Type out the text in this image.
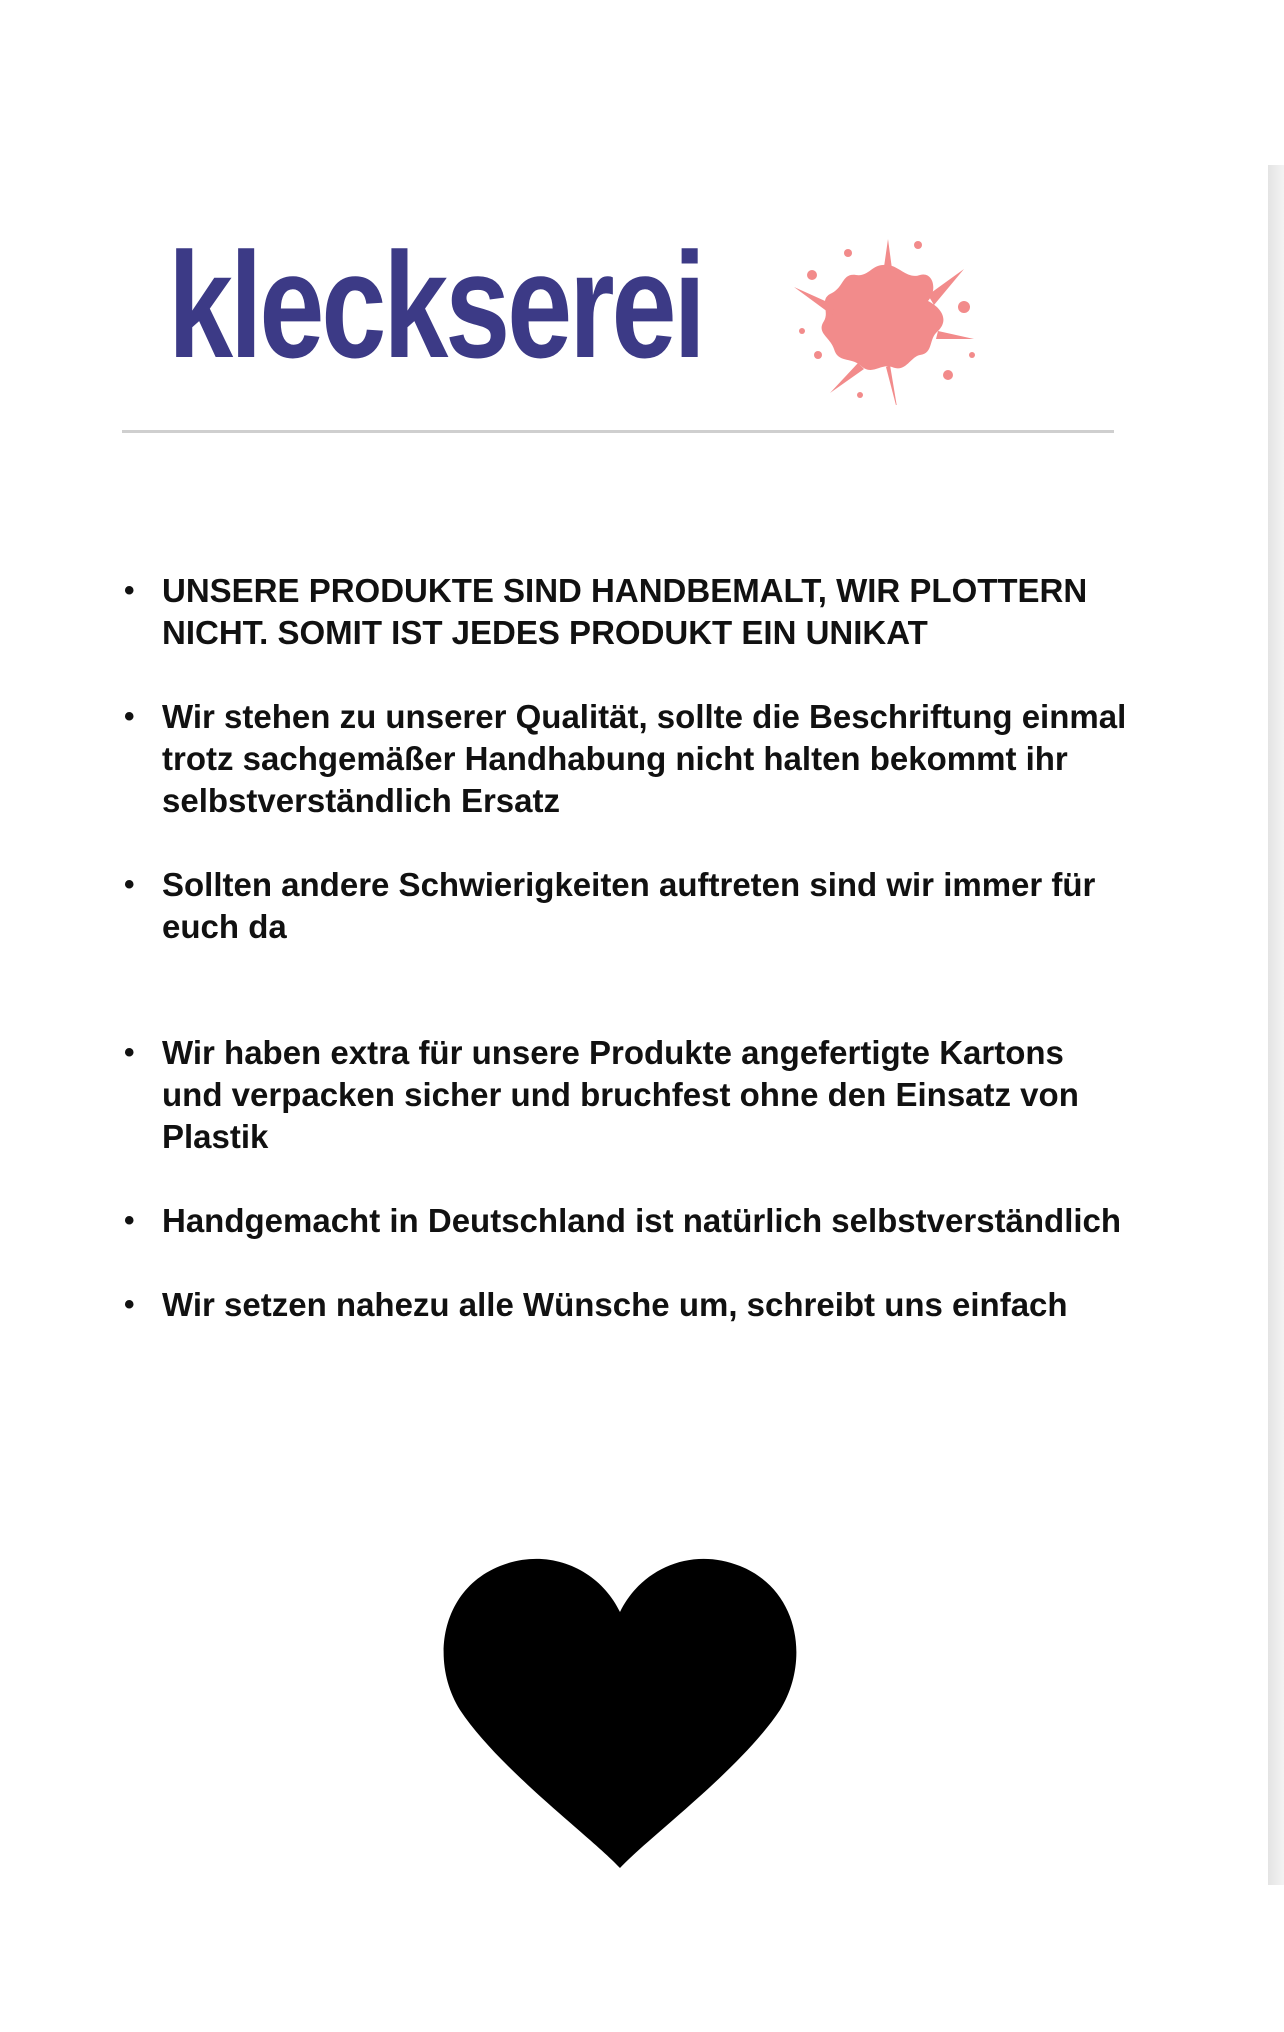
kleckserei
• UNSERE PRODUKTE SIND HANDBEMALT, WIR PLOTTERN NICHT. SOMIT IST JEDES PRODUKT EIN UNIKAT
• Wir stehen zu unserer Qualität, sollte die Beschriftung einmal trotz sachgemäßer Handhabung nicht halten bekommt ihr selbstverständlich Ersatz
• Sollten andere Schwierigkeiten auftreten sind wir immer für euch da
• Wir haben extra für unsere Produkte angefertigte Kartons und verpacken sicher und bruchfest ohne den Einsatz von Plastik
• Handgemacht in Deutschland ist natürlich selbstverständlich
• Wir setzen nahezu alle Wünsche um, schreibt uns einfach
